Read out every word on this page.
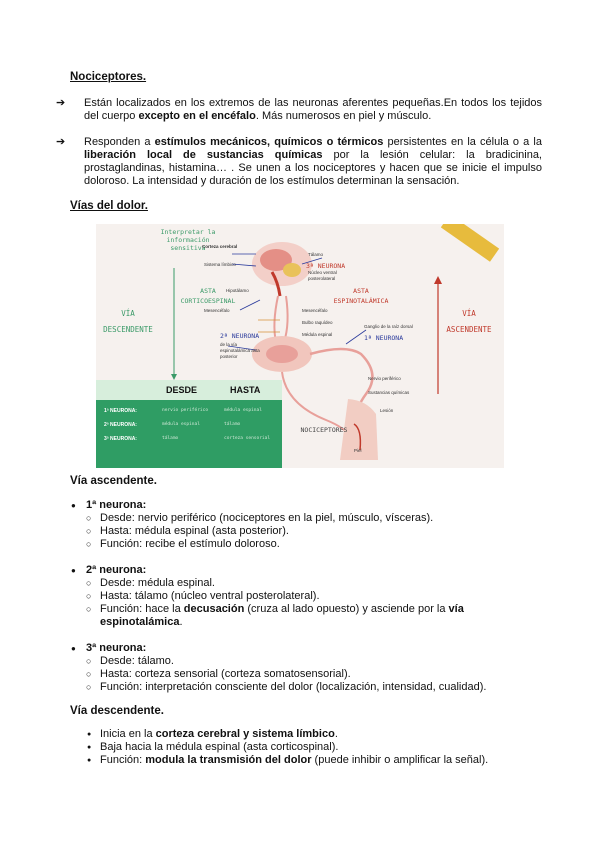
Nociceptores.
➔ Están localizados en los extremos de las neuronas aferentes pequeñas.En todos los tejidos del cuerpo excepto en el encéfalo. Más numerosos en piel y músculo.
➔ Responden a estímulos mecánicos, químicos o térmicos persistentes en la célula o a la liberación local de sustancias químicas por la lesión celular: la bradicinina, prostaglandinas, histamina… . Se unen a los nociceptores y hacen que se inicie el impulso doloroso. La intensidad y duración de los estímulos determinan la sensación.
Vías del dolor.
Interpretar la información sensitiva
Corteza cerebral
Sistema límbico
Tálamo
3ª NEURONA
Núcleo ventral posterolateral
Hipotálamo
VÍA DESCENDENTE
VÍA ASCENDENTE
ASTA CORTICOESPINAL
ASTA ESPINOTALÁMICA
Mesencéfalo	Mesencéfalo
Bulbo raquídeo
Médula espinal
Ganglio de la raíz dorsal
1ª NEURONA
2ª NEURONA
de la vía espinotalámica asta posterior
Nervio periférico
Sustancias químicas
Lesión
NOCICEPTORES
Piel
DESDE	HASTA
1ª NEURONA:	nervio periférico	médula espinal
2ª NEURONA:	médula espinal	tálamo
3ª NEURONA:	tálamo	corteza sensorial
Vía ascendente.
● 1ª neurona:
○ Desde: nervio periférico (nociceptores en la piel, músculo, vísceras).
○ Hasta: médula espinal (asta posterior).
○ Función: recibe el estímulo doloroso.
● 2ª neurona:
○ Desde: médula espinal.
○ Hasta: tálamo (núcleo ventral posterolateral).
○ Función: hace la decusación (cruza al lado opuesto) y asciende por la vía espinotalámica.
● 3ª neurona:
○ Desde: tálamo.
○ Hasta: corteza sensorial (corteza somatosensorial).
○ Función: interpretación consciente del dolor (localización, intensidad, cualidad).
Vía descendente.
● Inicia en la corteza cerebral y sistema límbico.
● Baja hacia la médula espinal (asta corticospinal).
● Función: modula la transmisión del dolor (puede inhibir o amplificar la señal).
